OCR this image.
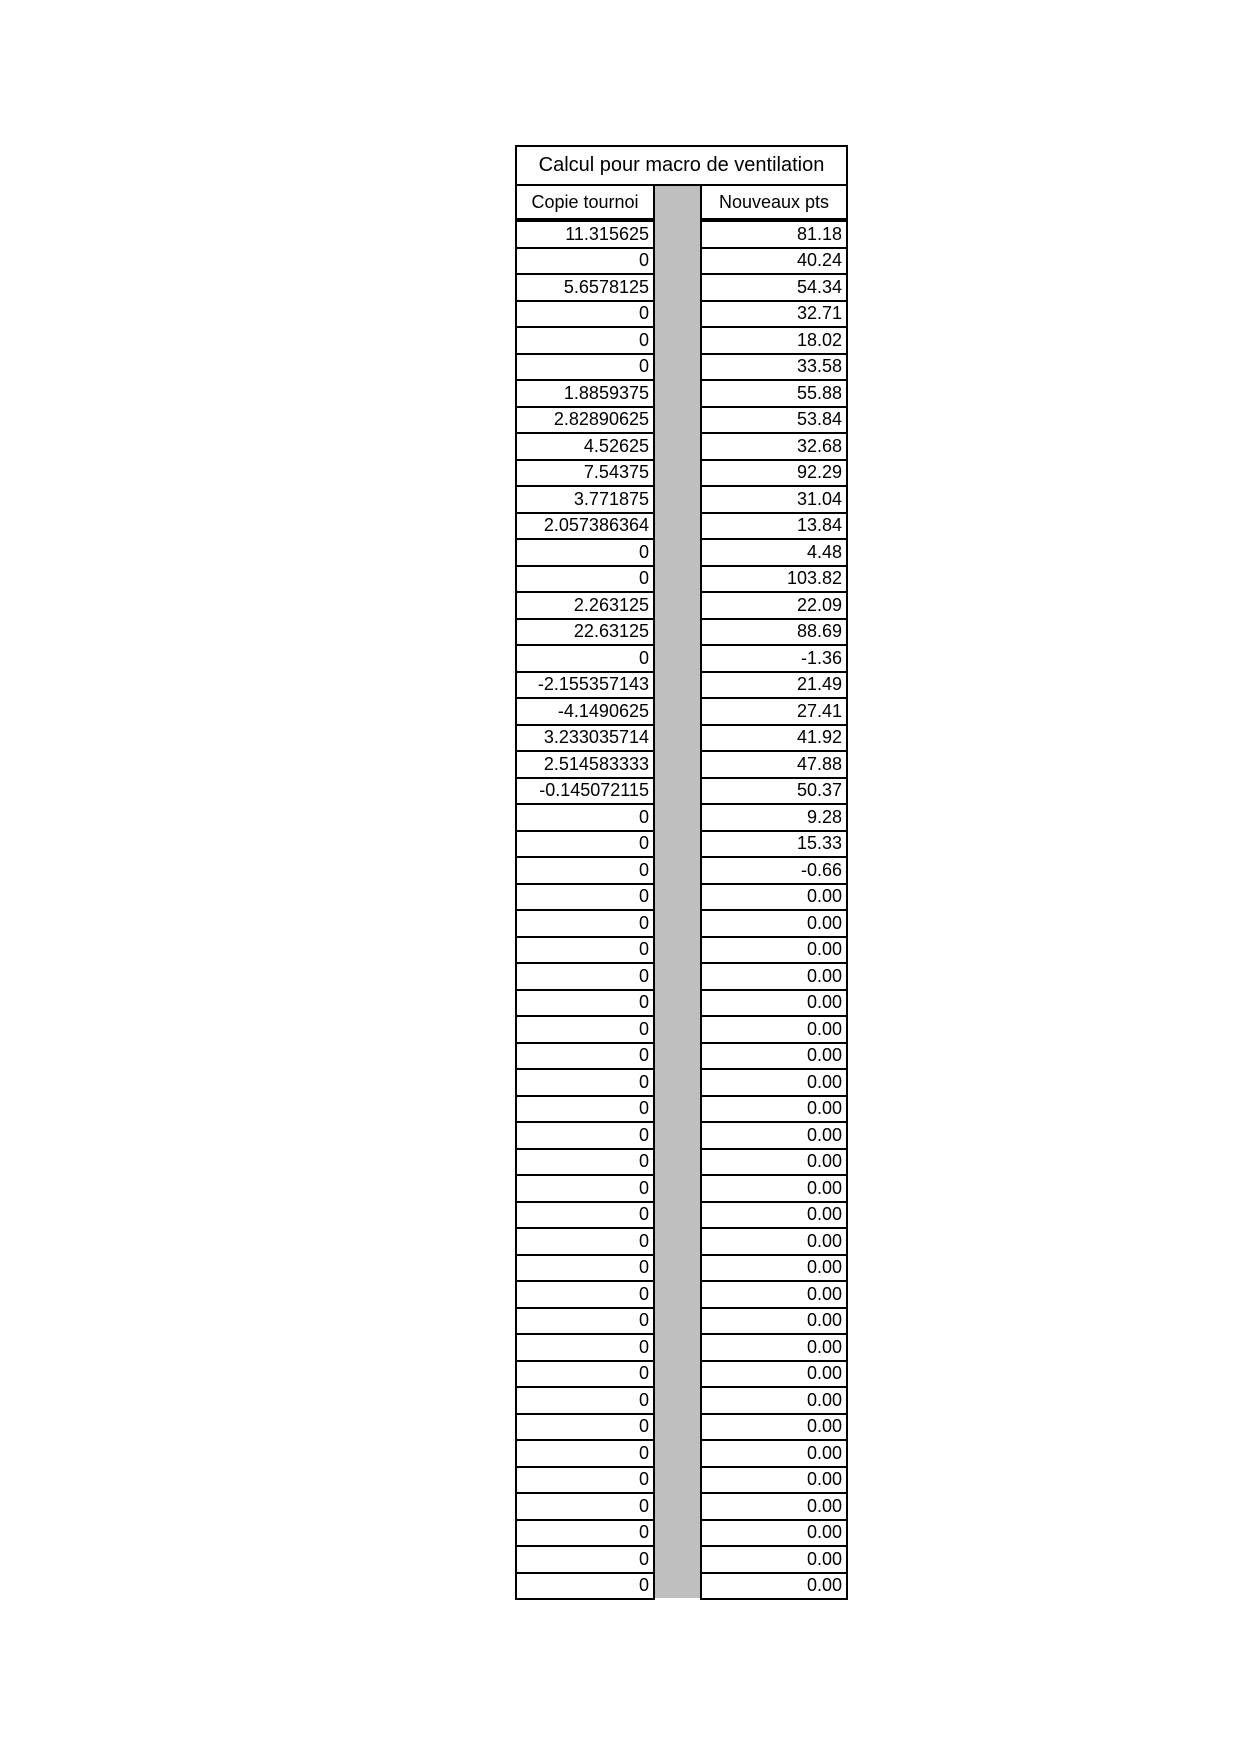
Calcul pour macro de ventilation
Copie tournoi	Nouveaux pts
11.315625	81.18
0	40.24
5.6578125	54.34
0	32.71
0	18.02
0	33.58
1.8859375	55.88
2.82890625	53.84
4.52625	32.68
7.54375	92.29
3.771875	31.04
2.057386364	13.84
0	4.48
0	103.82
2.263125	22.09
22.63125	88.69
0	-1.36
-2.155357143	21.49
-4.1490625	27.41
3.233035714	41.92
2.514583333	47.88
-0.145072115	50.37
0	9.28
0	15.33
0	-0.66
0	0.00
0	0.00
0	0.00
0	0.00
0	0.00
0	0.00
0	0.00
0	0.00
0	0.00
0	0.00
0	0.00
0	0.00
0	0.00
0	0.00
0	0.00
0	0.00
0	0.00
0	0.00
0	0.00
0	0.00
0	0.00
0	0.00
0	0.00
0	0.00
0	0.00
0	0.00
0	0.00
